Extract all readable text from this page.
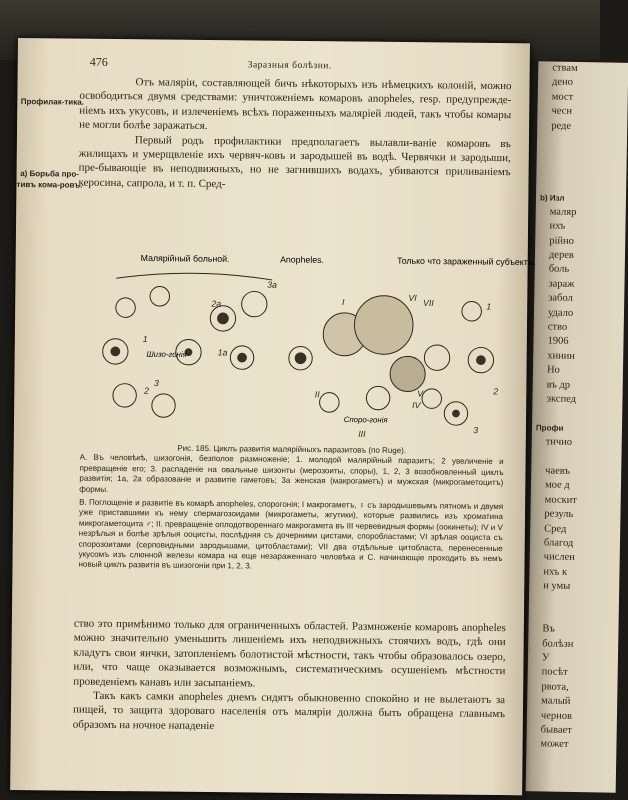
ствам
дено
мост
чесн
реде
b) Изл
маляр
ихъ
рійно
дерев
боль
зараж
забол
удало
ство
1906
хинин
Но
въ др
экспед
Профи
тично
чаевъ
мое д
москит
резуль
Сред
благод
числен
ихъ к
и умы
Въ
болѣзн
У
посѣт
рвота,
малый
чернов
бывает
может
476	Заразныя болѣзни.
Профилак-тика.
а) Борьба про-тивъ кома-ровъ.

Отъ маляріи, составляющей бичъ нѣкоторыхъ изъ нѣмецкихъ колоній, можно освободиться двумя средствами: уничтоженіемъ комаровъ anopheles, resp. предупрежде-ніемъ ихъ укусовъ, и излеченіемъ всѣхъ пораженныхъ маляріей людей, такъ чтобы комары не могли болѣе заражаться.

Первый родъ профилактики предполагаетъ вылавли-ваніе комаровъ въ жилищахъ и умерщвленіе ихъ червяч-ковъ и зародышей въ водѣ. Червячки и зародыши, пре-бывающіе въ неподвижныхъ, но не загнившихъ водахъ, убиваются приливаніемъ керосина, сапрола, и т. п. Сред-

Малярійный больной.	Anopheles.	Только что зараженный субъектъ.
1
2
3
1a
2a
3a
I
II
III
IV
V
VI VII	1
2
3
Шизо-гонія
Споро-гонія

Рис. 185. Циклъ развитія малярійныхъ паразитовъ (по Ruge).

А. Въ человѣкѣ, шизогонія, безполое размноженіе; 1. молодой малярійный паразитъ; 2 увеличеніе и превращеніе его; 3. распаденіе на овальные шизонты (мерозоиты, споры), 1, 2, 3 возобновленный циклъ развитія; 1а, 2а образованіе и развитіе гаметовъ; 3а женская (макрогаметъ) и мужская (микрогаметоцитъ) формы.

В. Поглощеніе и развитіе въ комарѣ anopheles, спорогонія; I макрогаметъ, ♀ съ зародышевымъ пятномъ и двумя уже приставшими къ нему спермагозоидами (микрогаметы, жгутики), которые развились изъ хроматина микрогаметоцита ♂; II. превращеніе оплодотвореннаго макрогамета въ III червевидныя формы (оокинеты); IV и V незрѣлыя и болѣе зрѣлыя ооцисты, послѣдняя съ дочерними цистами, споробластами; VI зрѣлая ооциста съ спорозоитами (серповидными зародышами, цитобластами); VII два отдѣльные цитобласта, перенесенные укусомъ изъ слюнной железы комара на еще незараженнаго человѣка и С. начинающіе проходить въ немъ новый циклъ развитія въ шизогоніи при 1, 2, 3.

ство это примѣнимо только для ограниченныхъ областей. Размноженіе комаровъ anopheles можно значительно уменьшить лишеніемъ ихъ неподвижныхъ стоячихъ водъ, гдѣ они кладутъ свои яички, затопленіемъ болотистой мѣстности, такъ чтобы образовалось озеро, или, что чаще оказывается возможнымъ, систематическимъ осушеніемъ мѣстности проведеніемъ канавъ или засыпаніемъ.

Такъ какъ самки anopheles днемъ сидятъ обыкновенно спокойно и не вылетаютъ за пищей, то защита здороваго населенія отъ маляріи должна быть обращена главнымъ образомъ на ночное нападеніе
